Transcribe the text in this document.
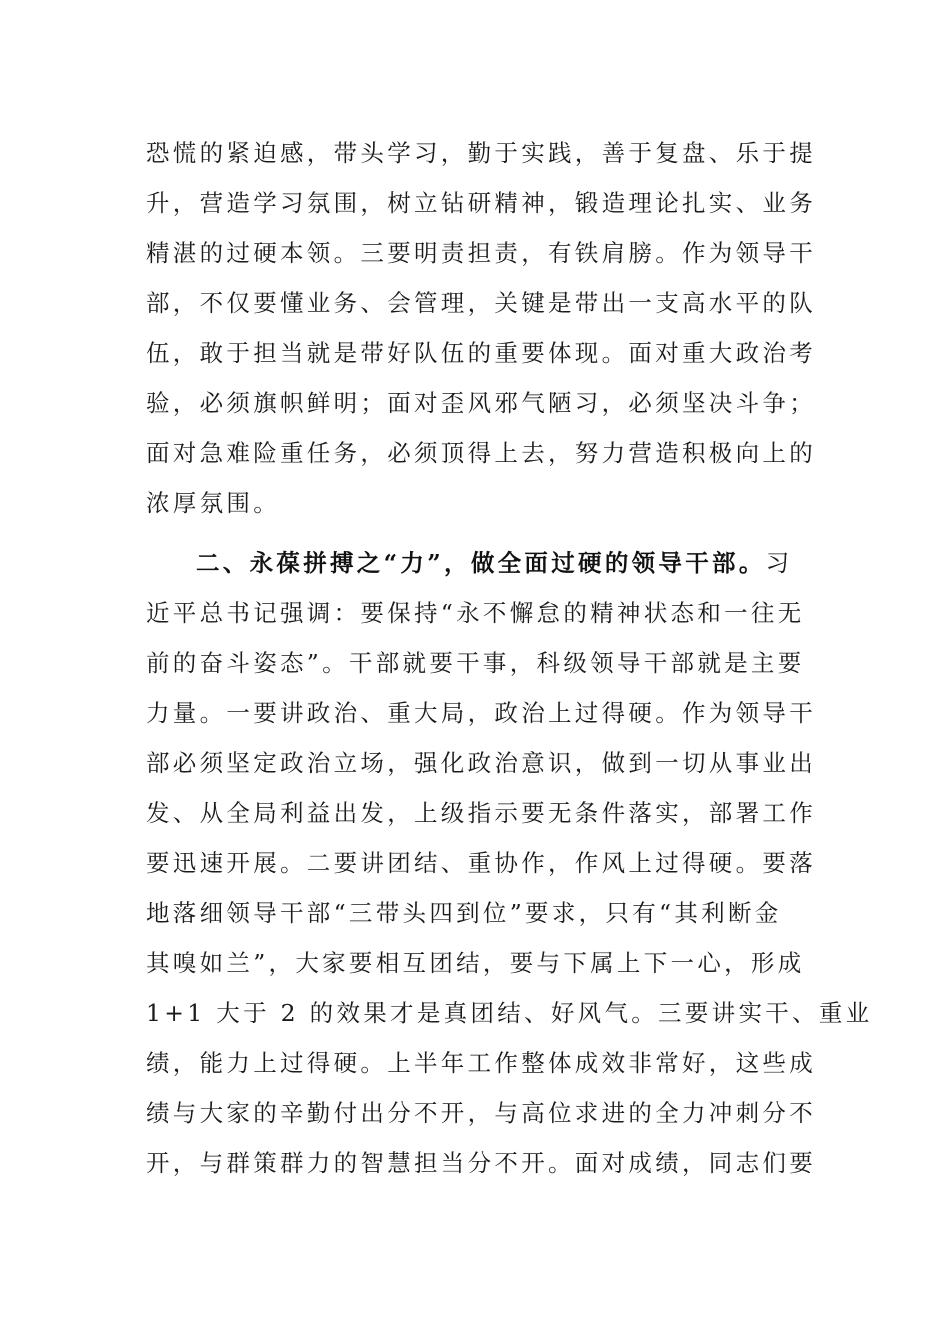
恐慌的紧迫感，带头学习，勤于实践，善于复盘、乐于提
升，营造学习氛围，树立钻研精神，锻造理论扎实、业务
精湛的过硬本领。三要明责担责，有铁肩膀。作为领导干
部，不仅要懂业务、会管理，关键是带出一支高水平的队
伍，敢于担当就是带好队伍的重要体现。面对重大政治考
验，必须旗帜鲜明；面对歪风邪气陋习，必须坚决斗争；
面对急难险重任务，必须顶得上去，努力营造积极向上的
浓厚氛围。
二、永葆拼搏之“力”，做全面过硬的领导干部。习
近平总书记强调：要保持“永不懈怠的精神状态和一往无
前的奋斗姿态”。干部就要干事，科级领导干部就是主要
力量。一要讲政治、重大局，政治上过得硬。作为领导干
部必须坚定政治立场，强化政治意识，做到一切从事业出
发、从全局利益出发，上级指示要无条件落实，部署工作
要迅速开展。二要讲团结、重协作，作风上过得硬。要落
地落细领导干部“三带头四到位”要求，只有“其利断金
其嗅如兰”，大家要相互团结，要与下属上下一心，形成
1+1 大于 2 的效果才是真团结、好风气。三要讲实干、重业
绩，能力上过得硬。上半年工作整体成效非常好，这些成
绩与大家的辛勤付出分不开，与高位求进的全力冲刺分不
开，与群策群力的智慧担当分不开。面对成绩，同志们要
